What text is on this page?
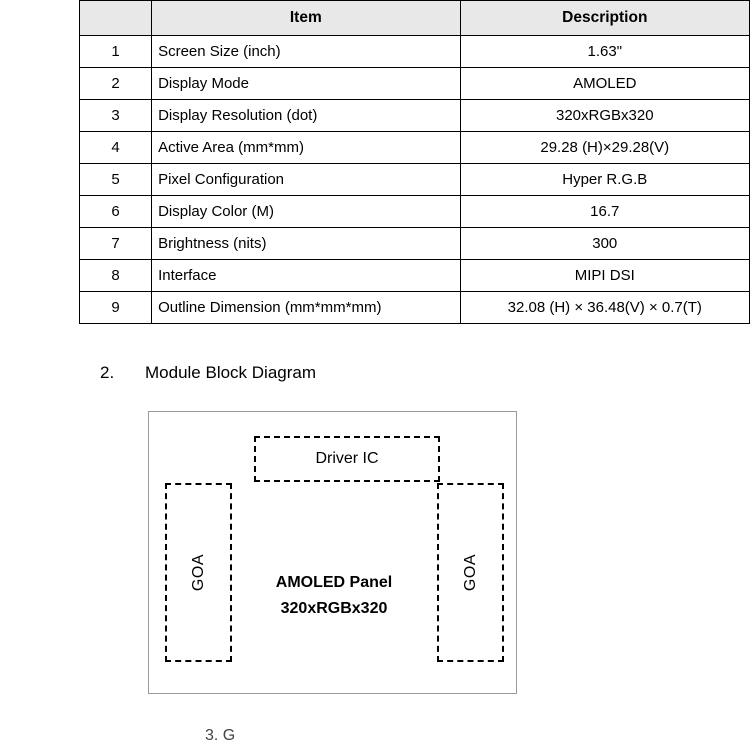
	Item	Description
1	Screen Size (inch)	1.63"
2	Display Mode	AMOLED
3	Display Resolution (dot)	320xRGBx320
4	Active Area (mm*mm)	29.28 (H)×29.28(V)
5	Pixel Configuration	Hyper R.G.B
6	Display Color (M)	16.7
7	Brightness (nits)	300
8	Interface	MIPI DSI
9	Outline Dimension (mm*mm*mm)	32.08 (H) × 36.48(V) × 0.7(T)
2. Module Block Diagram
Driver IC
GOA	GOA
AMOLED Panel
320xRGBx320
3. G
